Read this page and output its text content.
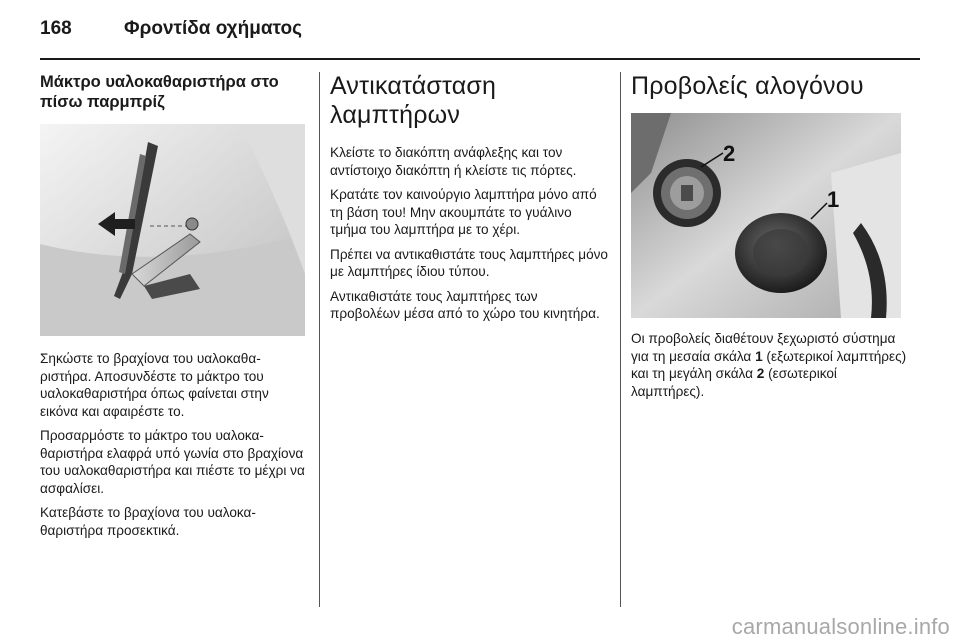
168	Φροντίδα οχήματος
Μάκτρο υαλοκαθαριστήρα στο πίσω παρμπρίζ

Σηκώστε το βραχίονα του υαλοκαθαριστήρα. Αποσυνδέστε το μάκτρο του υαλοκαθαριστήρα όπως φαίνεται στην εικόνα και αφαιρέστε το.

Προσαρμόστε το μάκτρο του υαλοκαθαριστήρα ελαφρά υπό γωνία στο βραχίονα του υαλοκαθαριστήρα και πιέστε το μέχρι να ασφαλίσει.

Κατεβάστε το βραχίονα του υαλοκαθαριστήρα προσεκτικά.

Αντικατάσταση λαμπτήρων

Κλείστε το διακόπτη ανάφλεξης και τον αντίστοιχο διακόπτη ή κλείστε τις πόρτες.

Κρατάτε τον καινούργιο λαμπτήρα μόνο από τη βάση του! Μην ακουμπάτε το γυάλινο τμήμα του λαμπτήρα με το χέρι.

Πρέπει να αντικαθιστάτε τους λαμπτήρες μόνο με λαμπτήρες ίδιου τύπου.

Αντικαθιστάτε τους λαμπτήρες των προβολέων μέσα από το χώρο του κινητήρα.

Προβολείς αλογόνου
2
1

Οι προβολείς διαθέτουν ξεχωριστό σύστημα για τη μεσαία σκάλα 1 (εξωτερικοί λαμπτήρες) και τη μεγάλη σκάλα 2 (εσωτερικοί λαμπτήρες).

carmanualsonline.info
